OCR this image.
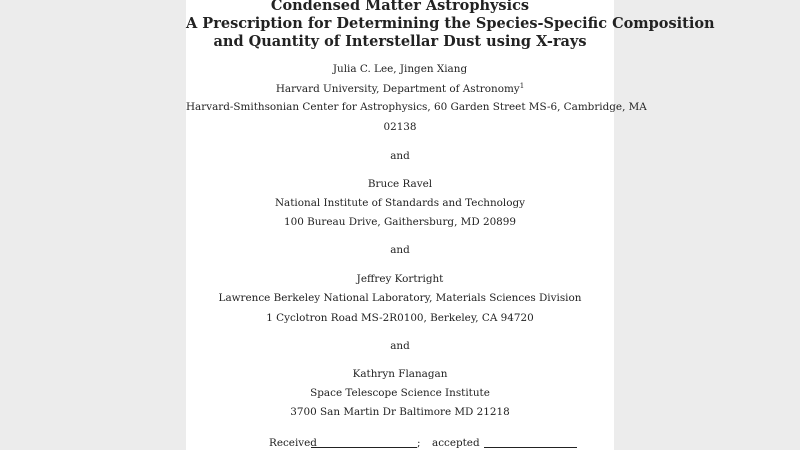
Condensed Matter Astrophysics
A Prescription for Determining the Species-Specific Composition
and Quantity of Interstellar Dust using X-rays
Julia C. Lee, Jingen Xiang
Harvard University, Department of Astronomy$^1$
Harvard-Smithsonian Center for Astrophysics, 60 Garden Street MS-6, Cambridge, MA
02138
and
Bruce Ravel
National Institute of Standards and Technology
100 Bureau Drive, Gaithersburg, MD 20899
and
Jeffrey Kortright
Lawrence Berkeley National Laboratory, Materials Sciences Division
1 Cyclotron Road MS-2R0100, Berkeley, CA 94720
and
Kathryn Flanagan
Space Telescope Science Institute
3700 San Martin Dr Baltimore MD 21218
Received	; accepted
